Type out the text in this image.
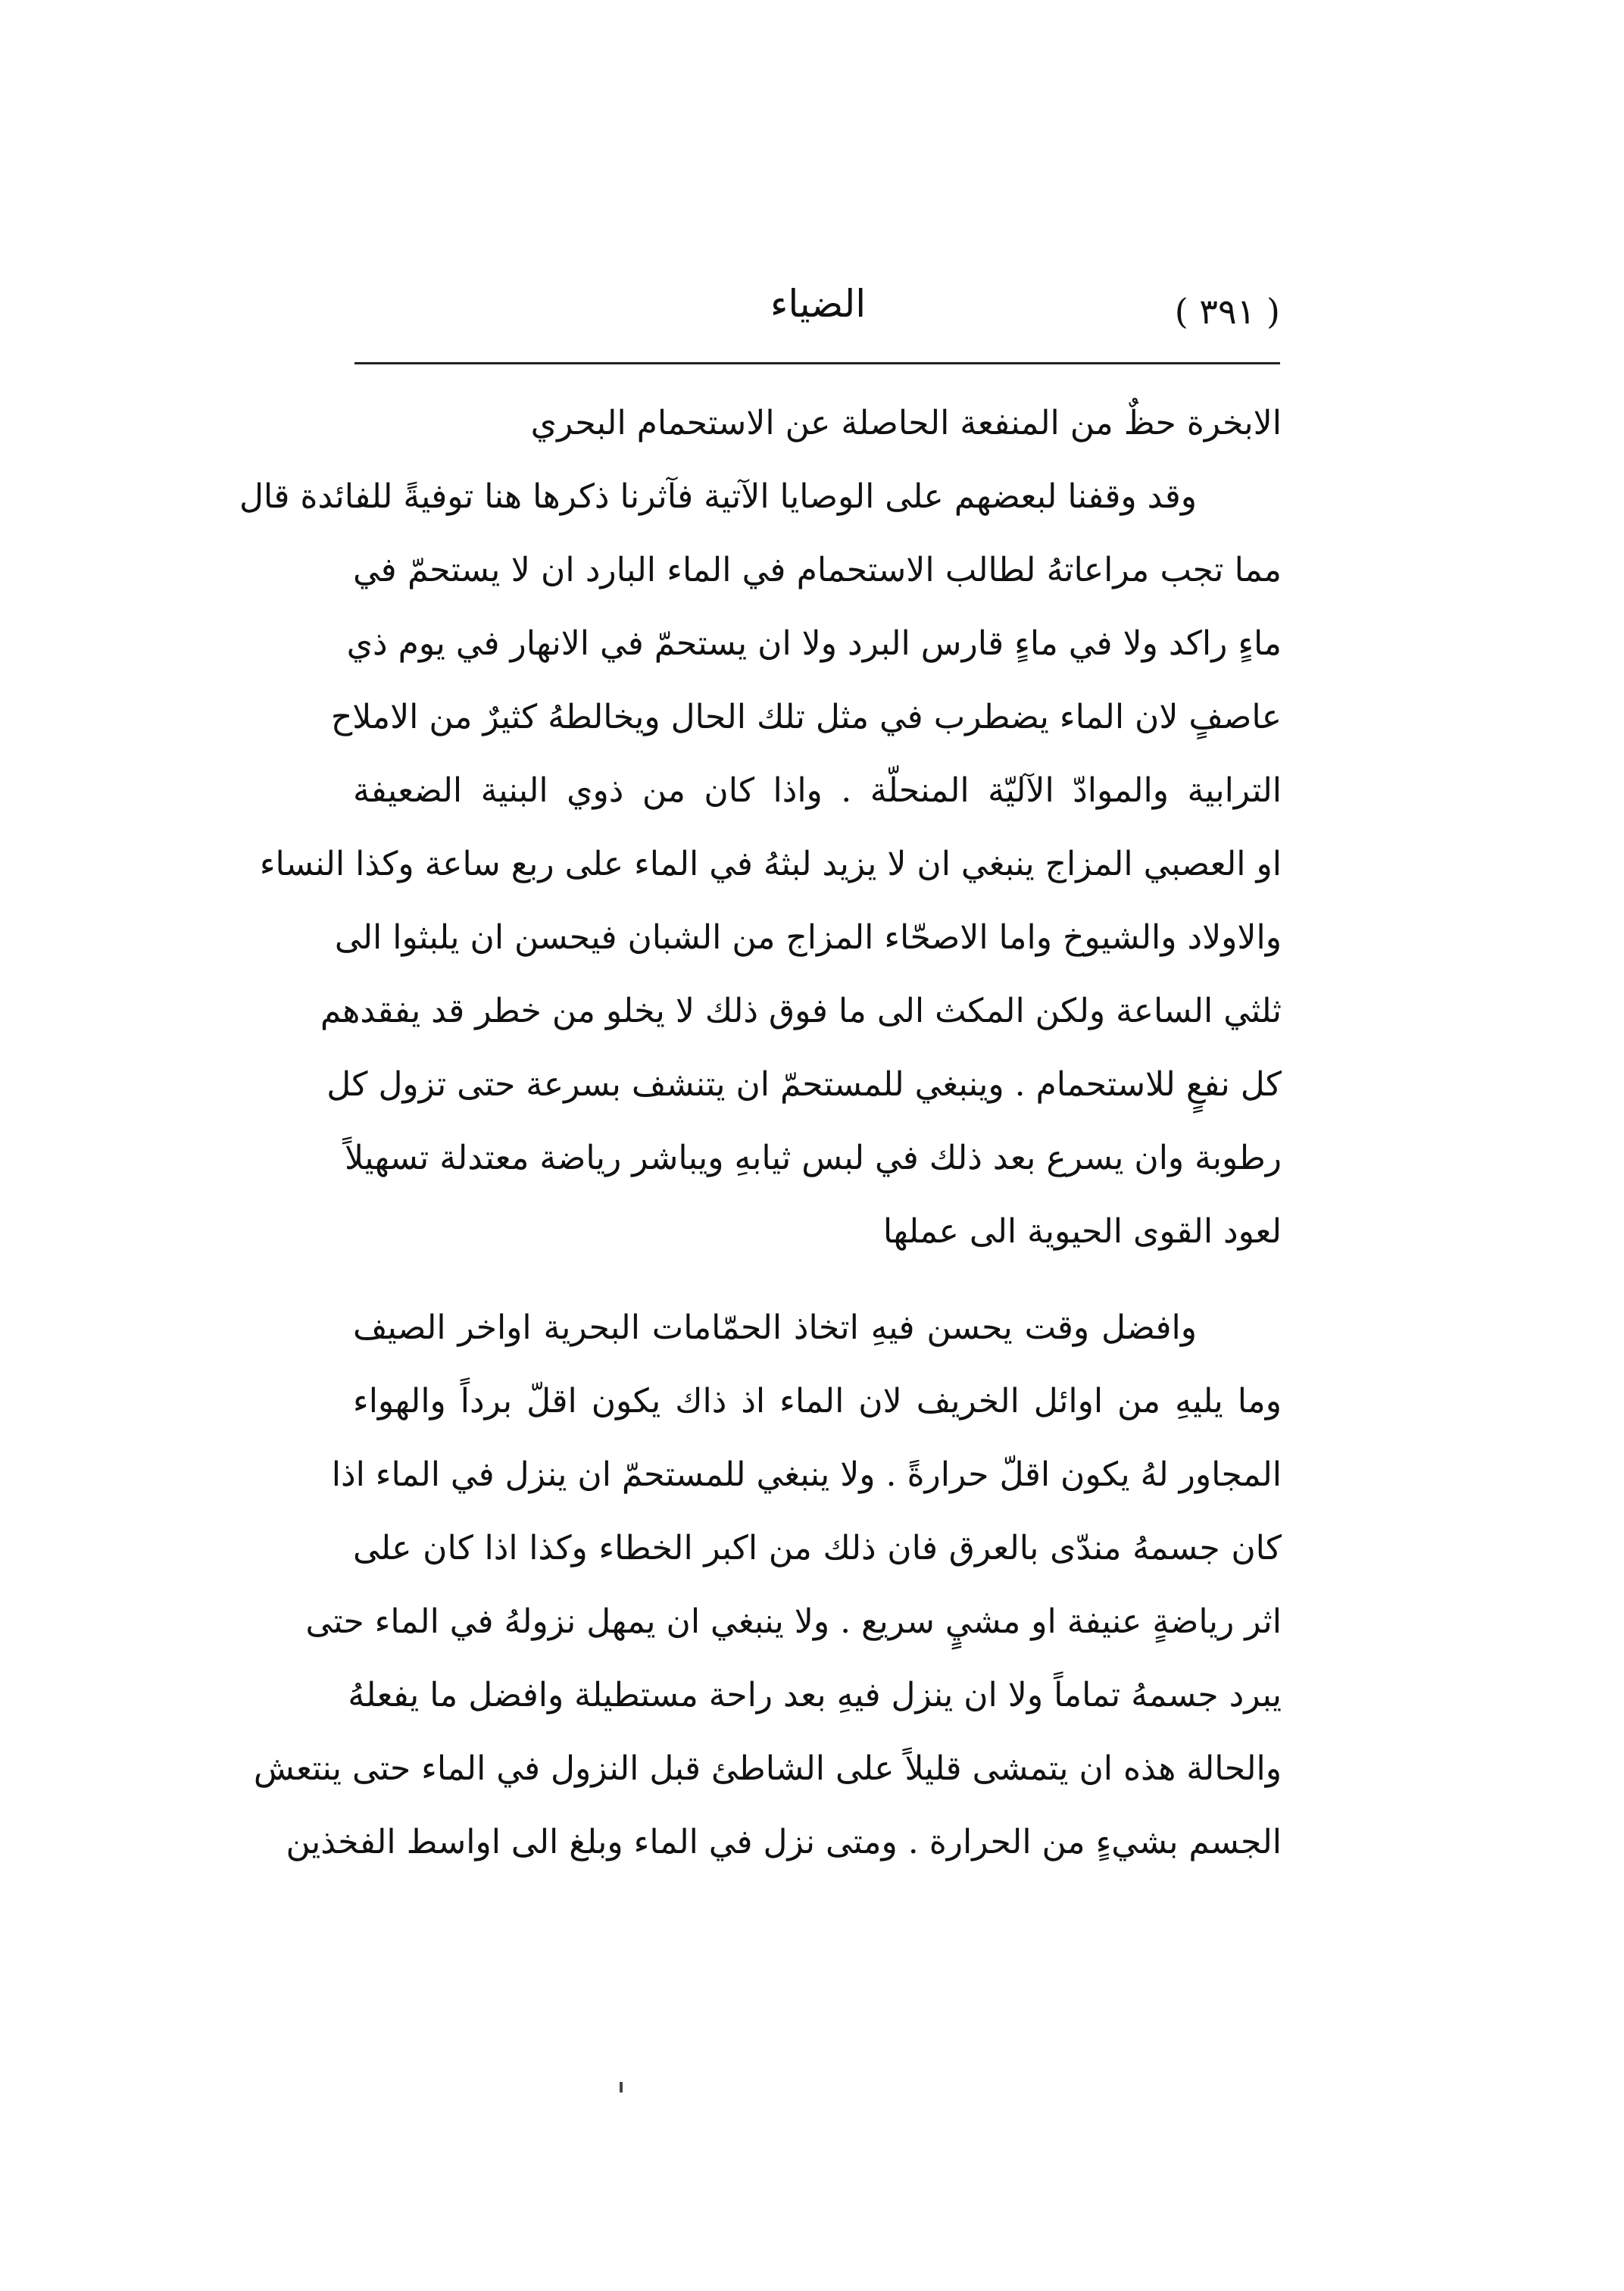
الضياء	( ٣٩١ )
الابخرة حظٌ من المنفعة الحاصلة عن الاستحمام البحري
وقد وقفنا لبعضهم على الوصايا الآتية فآثرنا ذكرها هنا توفيةً للفائدة قال
مما تجب مراعاتهُ لطالب الاستحمام في الماء البارد ان لا يستحمّ في
ماءٍ راكد ولا في ماءٍ قارس البرد ولا ان يستحمّ في الانهار في يوم ذي
عاصفٍ لان الماء يضطرب في مثل تلك الحال ويخالطهُ كثيرٌ من الاملاح
الترابية والموادّ الآليّة المنحلّة . واذا كان من ذوي البنية الضعيفة
او العصبي المزاج ينبغي ان لا يزيد لبثهُ في الماء على ربع ساعة وكذا النساء
والاولاد والشيوخ واما الاصحّاء المزاج من الشبان فيحسن ان يلبثوا الى
ثلثي الساعة ولكن المكث الى ما فوق ذلك لا يخلو من خطر قد يفقدهم
كل نفعٍ للاستحمام . وينبغي للمستحمّ ان يتنشف بسرعة حتى تزول كل
رطوبة وان يسرع بعد ذلك في لبس ثيابهِ ويباشر رياضة معتدلة تسهيلاً
لعود القوى الحيوية الى عملها
وافضل وقت يحسن فيهِ اتخاذ الحمّامات البحرية اواخر الصيف
وما يليهِ من اوائل الخريف لان الماء اذ ذاك يكون اقلّ برداً والهواء
المجاور لهُ يكون اقلّ حرارةً . ولا ينبغي للمستحمّ ان ينزل في الماء اذا
كان جسمهُ مندّى بالعرق فان ذلك من اكبر الخطاء وكذا اذا كان على
اثر رياضةٍ عنيفة او مشيٍ سريع . ولا ينبغي ان يمهل نزولهُ في الماء حتى
يبرد جسمهُ تماماً ولا ان ينزل فيهِ بعد راحة مستطيلة وافضل ما يفعلهُ
والحالة هذه ان يتمشى قليلاً على الشاطئ قبل النزول في الماء حتى ينتعش
الجسم بشيءٍ من الحرارة . ومتى نزل في الماء وبلغ الى اواسط الفخذين
